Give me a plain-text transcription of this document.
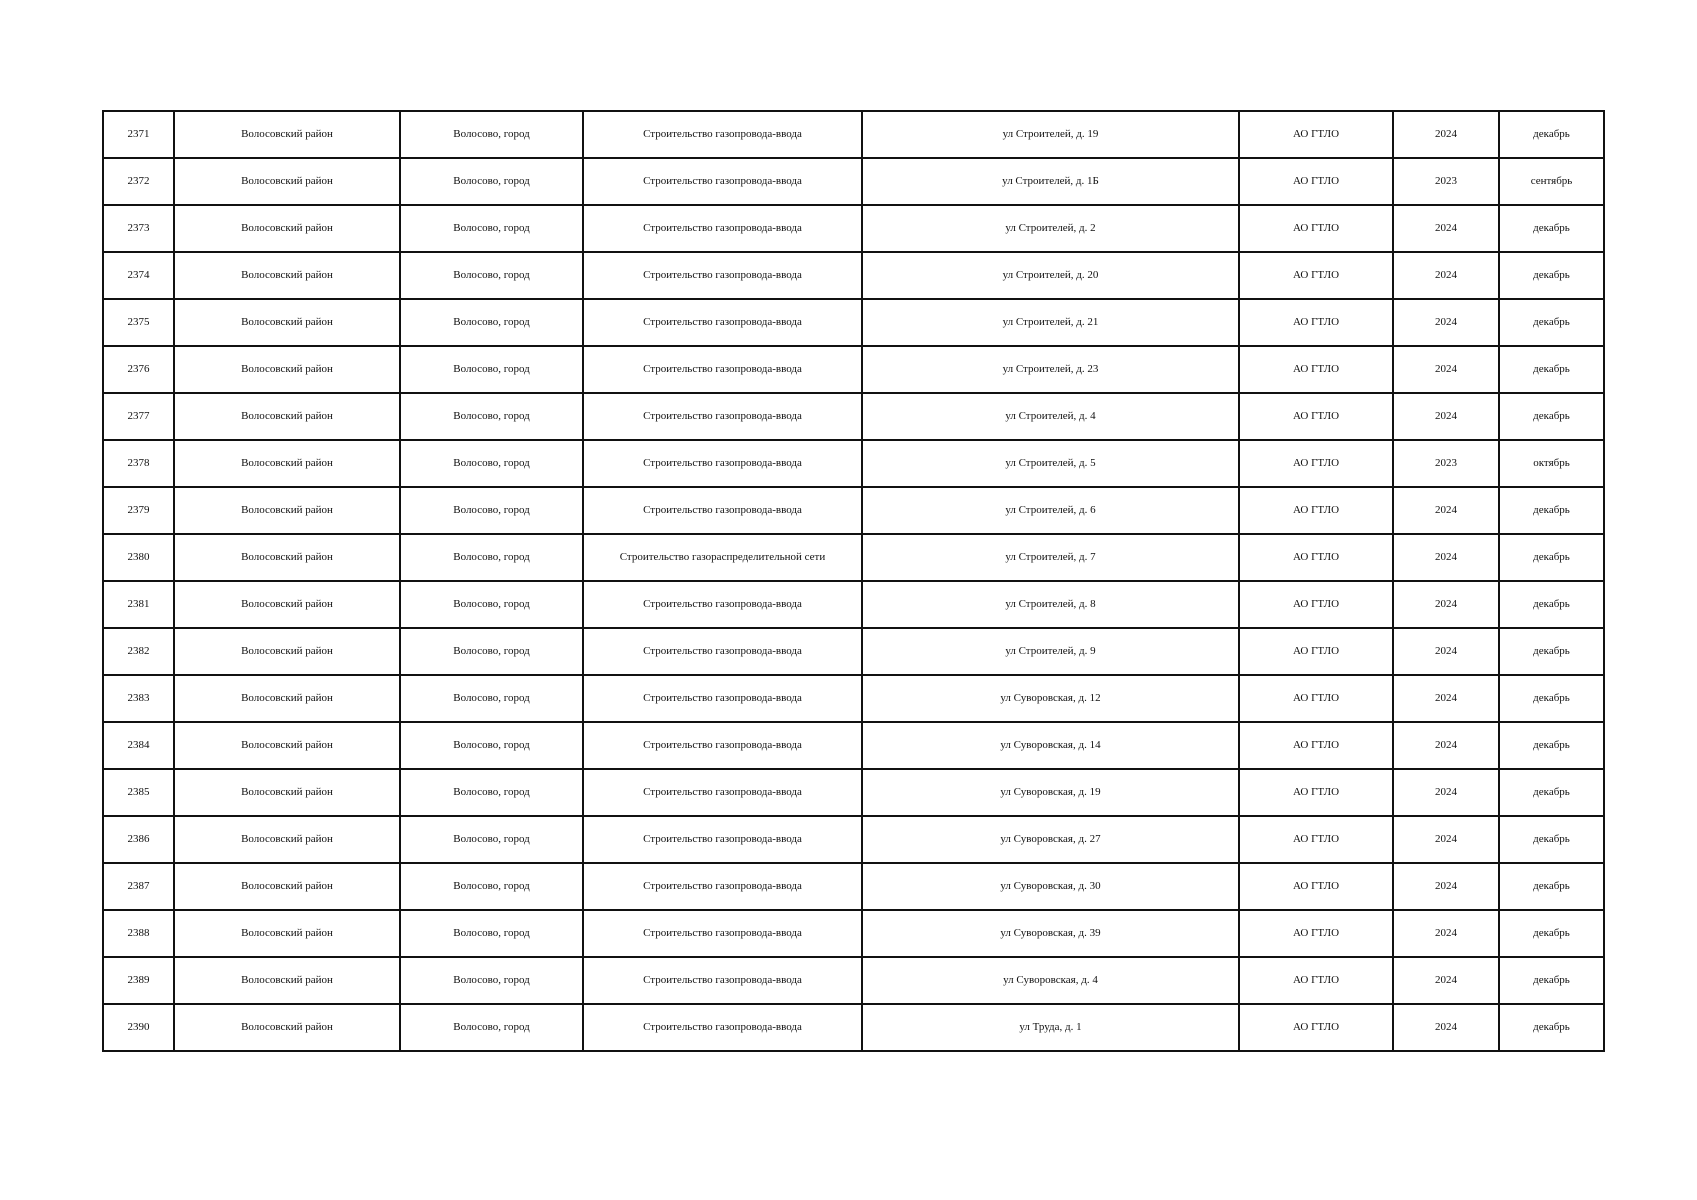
2371	Волосовский район	Волосово, город	Строительство газопровода-ввода	ул Строителей, д. 19	АО ГТЛО	2024	декабрь
2372	Волосовский район	Волосово, город	Строительство газопровода-ввода	ул Строителей, д. 1Б	АО ГТЛО	2023	сентябрь
2373	Волосовский район	Волосово, город	Строительство газопровода-ввода	ул Строителей, д. 2	АО ГТЛО	2024	декабрь
2374	Волосовский район	Волосово, город	Строительство газопровода-ввода	ул Строителей, д. 20	АО ГТЛО	2024	декабрь
2375	Волосовский район	Волосово, город	Строительство газопровода-ввода	ул Строителей, д. 21	АО ГТЛО	2024	декабрь
2376	Волосовский район	Волосово, город	Строительство газопровода-ввода	ул Строителей, д. 23	АО ГТЛО	2024	декабрь
2377	Волосовский район	Волосово, город	Строительство газопровода-ввода	ул Строителей, д. 4	АО ГТЛО	2024	декабрь
2378	Волосовский район	Волосово, город	Строительство газопровода-ввода	ул Строителей, д. 5	АО ГТЛО	2023	октябрь
2379	Волосовский район	Волосово, город	Строительство газопровода-ввода	ул Строителей, д. 6	АО ГТЛО	2024	декабрь
2380	Волосовский район	Волосово, город	Строительство газораспределительной сети	ул Строителей, д. 7	АО ГТЛО	2024	декабрь
2381	Волосовский район	Волосово, город	Строительство газопровода-ввода	ул Строителей, д. 8	АО ГТЛО	2024	декабрь
2382	Волосовский район	Волосово, город	Строительство газопровода-ввода	ул Строителей, д. 9	АО ГТЛО	2024	декабрь
2383	Волосовский район	Волосово, город	Строительство газопровода-ввода	ул Суворовская, д. 12	АО ГТЛО	2024	декабрь
2384	Волосовский район	Волосово, город	Строительство газопровода-ввода	ул Суворовская, д. 14	АО ГТЛО	2024	декабрь
2385	Волосовский район	Волосово, город	Строительство газопровода-ввода	ул Суворовская, д. 19	АО ГТЛО	2024	декабрь
2386	Волосовский район	Волосово, город	Строительство газопровода-ввода	ул Суворовская, д. 27	АО ГТЛО	2024	декабрь
2387	Волосовский район	Волосово, город	Строительство газопровода-ввода	ул Суворовская, д. 30	АО ГТЛО	2024	декабрь
2388	Волосовский район	Волосово, город	Строительство газопровода-ввода	ул Суворовская, д. 39	АО ГТЛО	2024	декабрь
2389	Волосовский район	Волосово, город	Строительство газопровода-ввода	ул Суворовская, д. 4	АО ГТЛО	2024	декабрь
2390	Волосовский район	Волосово, город	Строительство газопровода-ввода	ул Труда, д. 1	АО ГТЛО	2024	декабрь
